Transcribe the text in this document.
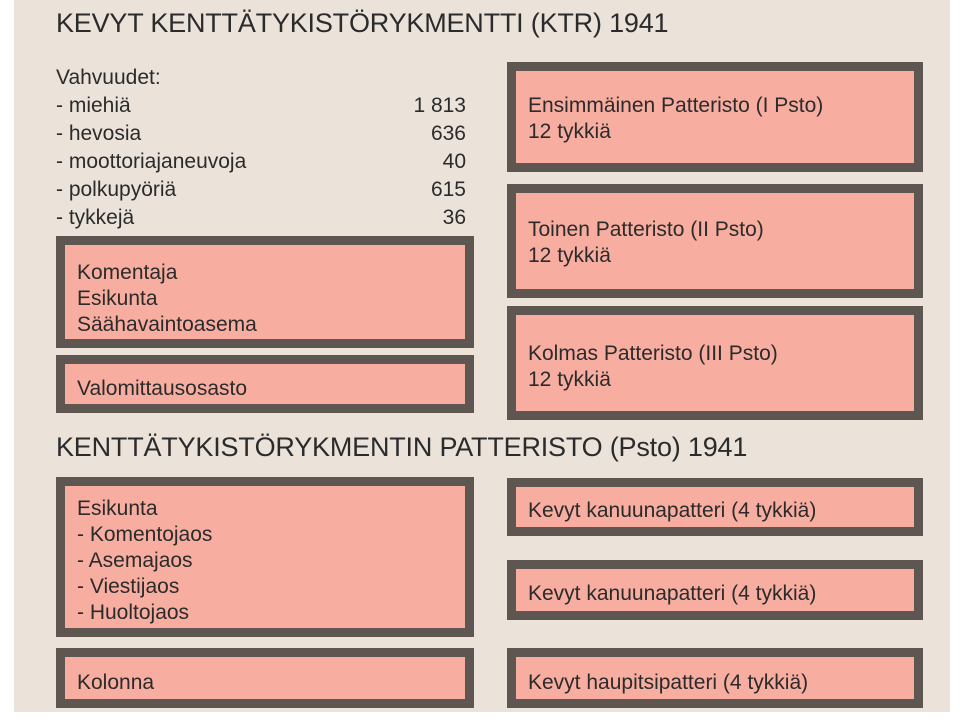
KEVYT KENTTÄTYKISTÖRYKMENTTI (KTR) 1941
Vahvuudet:
- miehiä	1 813
- hevosia	636
- moottoriajaneuvoja	40
- polkupyöriä	615
- tykkejä	36
Komentaja
Esikunta
Säähavaintoasema
Valomittausosasto
Ensimmäinen Patteristo (I Psto)
12 tykkiä
Toinen Patteristo (II Psto)
12 tykkiä
Kolmas Patteristo (III Psto)
12 tykkiä
KENTTÄTYKISTÖRYKMENTIN PATTERISTO (Psto) 1941
Esikunta
- Komentojaos
- Asemajaos
- Viestijaos
- Huoltojaos
Kolonna
Kevyt kanuunapatteri (4 tykkiä)
Kevyt kanuunapatteri (4 tykkiä)
Kevyt haupitsipatteri (4 tykkiä)
